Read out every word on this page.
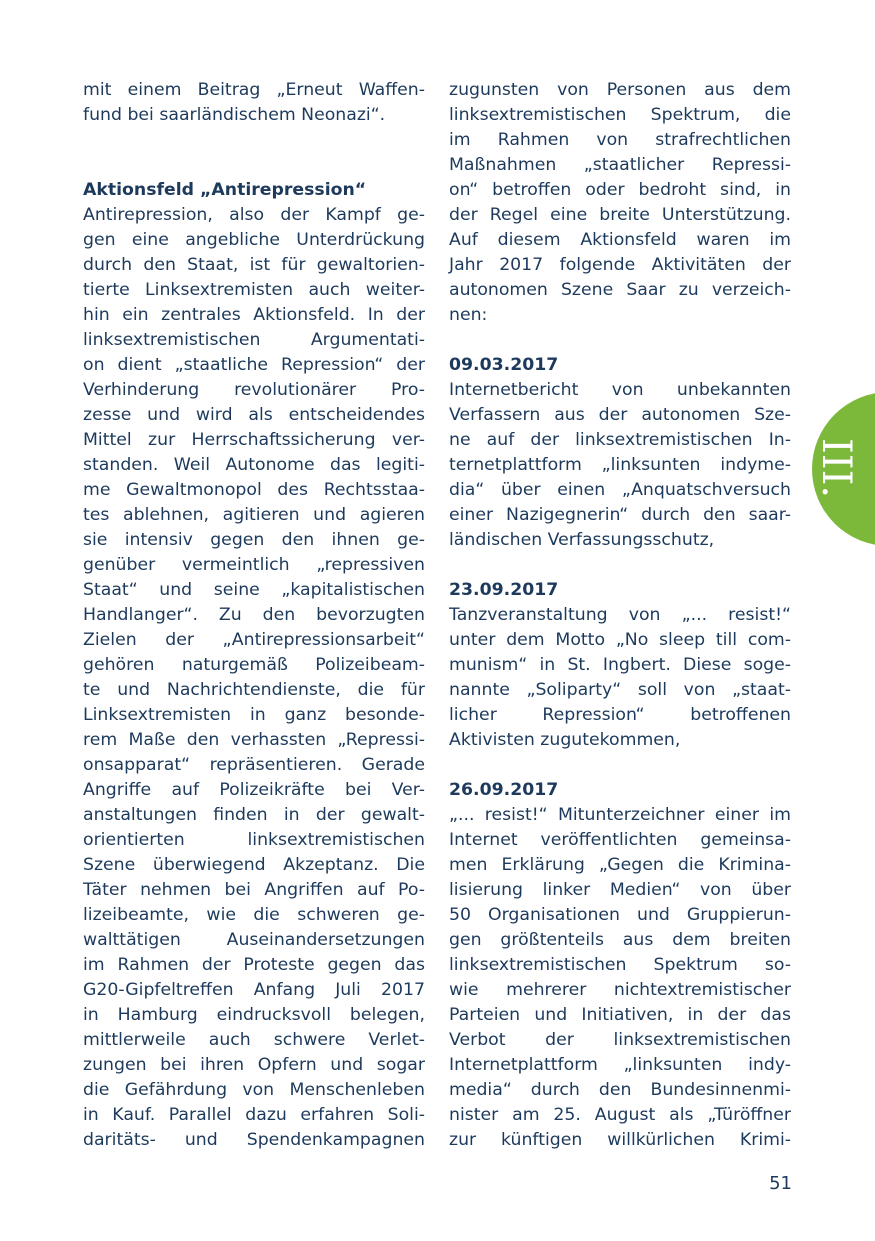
III.
mit einem Beitrag „Erneut Waffen-
fund bei saarländischem Neonazi“.
Aktionsfeld „Antirepression“
Antirepression, also der Kampf ge-
gen eine angebliche Unterdrückung
durch den Staat, ist für gewaltorien-
tierte Linksextremisten auch weiter-
hin ein zentrales Aktionsfeld. In der
linksextremistischen Argumentati-
on dient „staatliche Repression“ der
Verhinderung revolutionärer Pro-
zesse und wird als entscheidendes
Mittel zur Herrschaftssicherung ver-
standen. Weil Autonome das legiti-
me Gewaltmonopol des Rechtsstaa-
tes ablehnen, agitieren und agieren
sie intensiv gegen den ihnen ge-
genüber vermeintlich „repressiven
Staat“ und seine „kapitalistischen
Handlanger“. Zu den bevorzugten
Zielen der „Antirepressionsarbeit“
gehören naturgemäß Polizeibeam-
te und Nachrichtendienste, die für
Linksextremisten in ganz besonde-
rem Maße den verhassten „Repressi-
onsapparat“ repräsentieren. Gerade
Angriffe auf Polizeikräfte bei Ver-
anstaltungen finden in der gewalt-
orientierten linksextremistischen
Szene überwiegend Akzeptanz. Die
Täter nehmen bei Angriffen auf Po-
lizeibeamte, wie die schweren ge-
walttätigen Auseinandersetzungen
im Rahmen der Proteste gegen das
G20-Gipfeltreffen Anfang Juli 2017
in Hamburg eindrucksvoll belegen,
mittlerweile auch schwere Verlet-
zungen bei ihren Opfern und sogar
die Gefährdung von Menschenleben
in Kauf. Parallel dazu erfahren Soli-
daritäts- und Spendenkampagnen
zugunsten von Personen aus dem
linksextremistischen Spektrum, die
im Rahmen von strafrechtlichen
Maßnahmen „staatlicher Repressi-
on“ betroffen oder bedroht sind, in
der Regel eine breite Unterstützung.
Auf diesem Aktionsfeld waren im
Jahr 2017 folgende Aktivitäten der
autonomen Szene Saar zu verzeich-
nen:
09.03.2017
Internetbericht von unbekannten
Verfassern aus der autonomen Sze-
ne auf der linksextremistischen In-
ternetplattform „linksunten indyme-
dia“ über einen „Anquatschversuch
einer Nazigegnerin“ durch den saar-
ländischen Verfassungsschutz,
23.09.2017
Tanzveranstaltung von „... resist!“
unter dem Motto „No sleep till com-
munism“ in St. Ingbert. Diese soge-
nannte „Soliparty“ soll von „staat-
licher Repression“ betroffenen
Aktivisten zugutekommen,
26.09.2017
„... resist!“ Mitunterzeichner einer im
Internet veröffentlichten gemeinsa-
men Erklärung „Gegen die Krimina-
lisierung linker Medien“ von über
50 Organisationen und Gruppierun-
gen größtenteils aus dem breiten
linksextremistischen Spektrum so-
wie mehrerer nichtextremistischer
Parteien und Initiativen, in der das
Verbot der linksextremistischen
Internetplattform „linksunten indy-
media“ durch den Bundesinnenmi-
nister am 25. August als „Türöffner
zur künftigen willkürlichen Krimi-
51
